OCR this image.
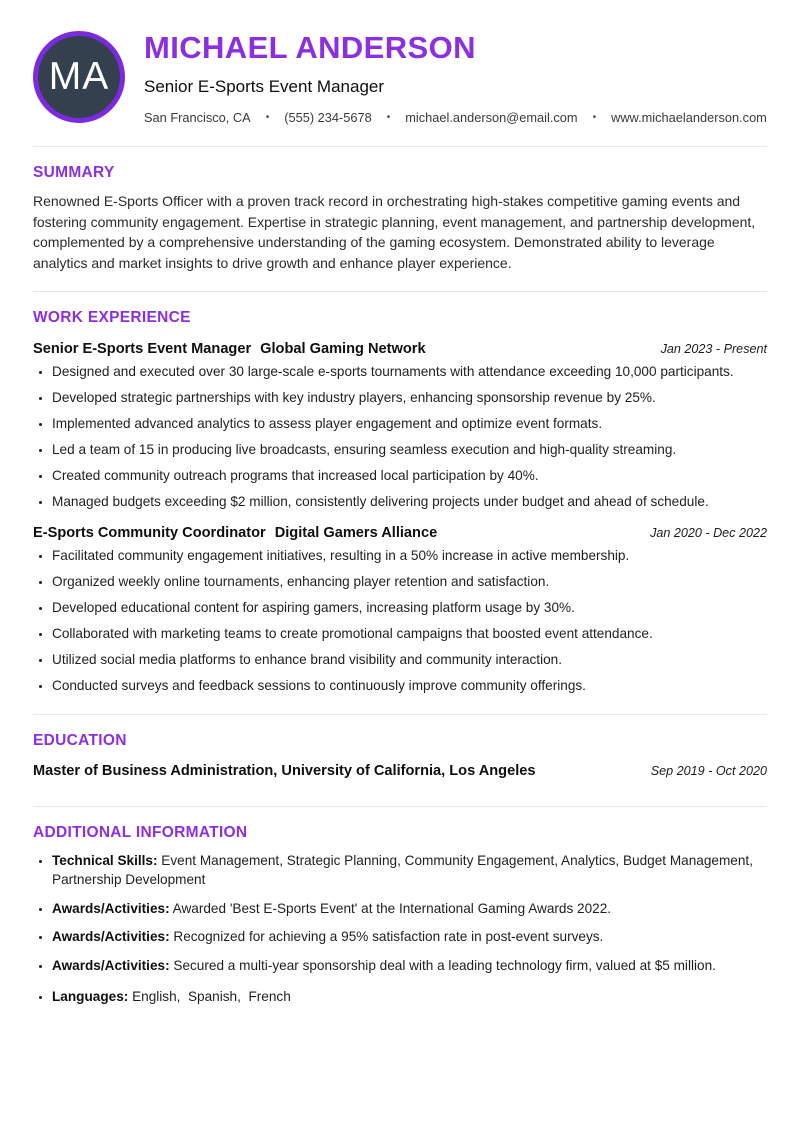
MA
MICHAEL ANDERSON

Senior E-Sports Event Manager

San Francisco, CA • (555) 234-5678 • michael.anderson@email.com • www.michaelanderson.com
SUMMARY

Renowned E-Sports Officer with a proven track record in orchestrating high-stakes competitive gaming events and fostering community engagement. Expertise in strategic planning, event management, and partnership development, complemented by a comprehensive understanding of the gaming ecosystem. Demonstrated ability to leverage analytics and market insights to drive growth and enhance player experience.

WORK EXPERIENCE
Senior E-Sports Event Manager Global Gaming Network	Jan 2023 - Present
• Designed and executed over 30 large-scale e-sports tournaments with attendance exceeding 10,000 participants.
• Developed strategic partnerships with key industry players, enhancing sponsorship revenue by 25%.
• Implemented advanced analytics to assess player engagement and optimize event formats.
• Led a team of 15 in producing live broadcasts, ensuring seamless execution and high-quality streaming.
• Created community outreach programs that increased local participation by 40%.
• Managed budgets exceeding $2 million, consistently delivering projects under budget and ahead of schedule.
E-Sports Community Coordinator Digital Gamers Alliance	Jan 2020 - Dec 2022
• Facilitated community engagement initiatives, resulting in a 50% increase in active membership.
• Organized weekly online tournaments, enhancing player retention and satisfaction.
• Developed educational content for aspiring gamers, increasing platform usage by 30%.
• Collaborated with marketing teams to create promotional campaigns that boosted event attendance.
• Utilized social media platforms to enhance brand visibility and community interaction.
• Conducted surveys and feedback sessions to continuously improve community offerings.
EDUCATION
Master of Business Administration, University of California, Los Angeles	Sep 2019 - Oct 2020
ADDITIONAL INFORMATION
• Technical Skills: Event Management, Strategic Planning, Community Engagement, Analytics, Budget Management, Partnership Development
• Awards/Activities: Awarded 'Best E-Sports Event' at the International Gaming Awards 2022.
• Awards/Activities: Recognized for achieving a 95% satisfaction rate in post-event surveys.
• Awards/Activities: Secured a multi-year sponsorship deal with a leading technology firm, valued at $5 million.
• Languages: English,  Spanish,  French
